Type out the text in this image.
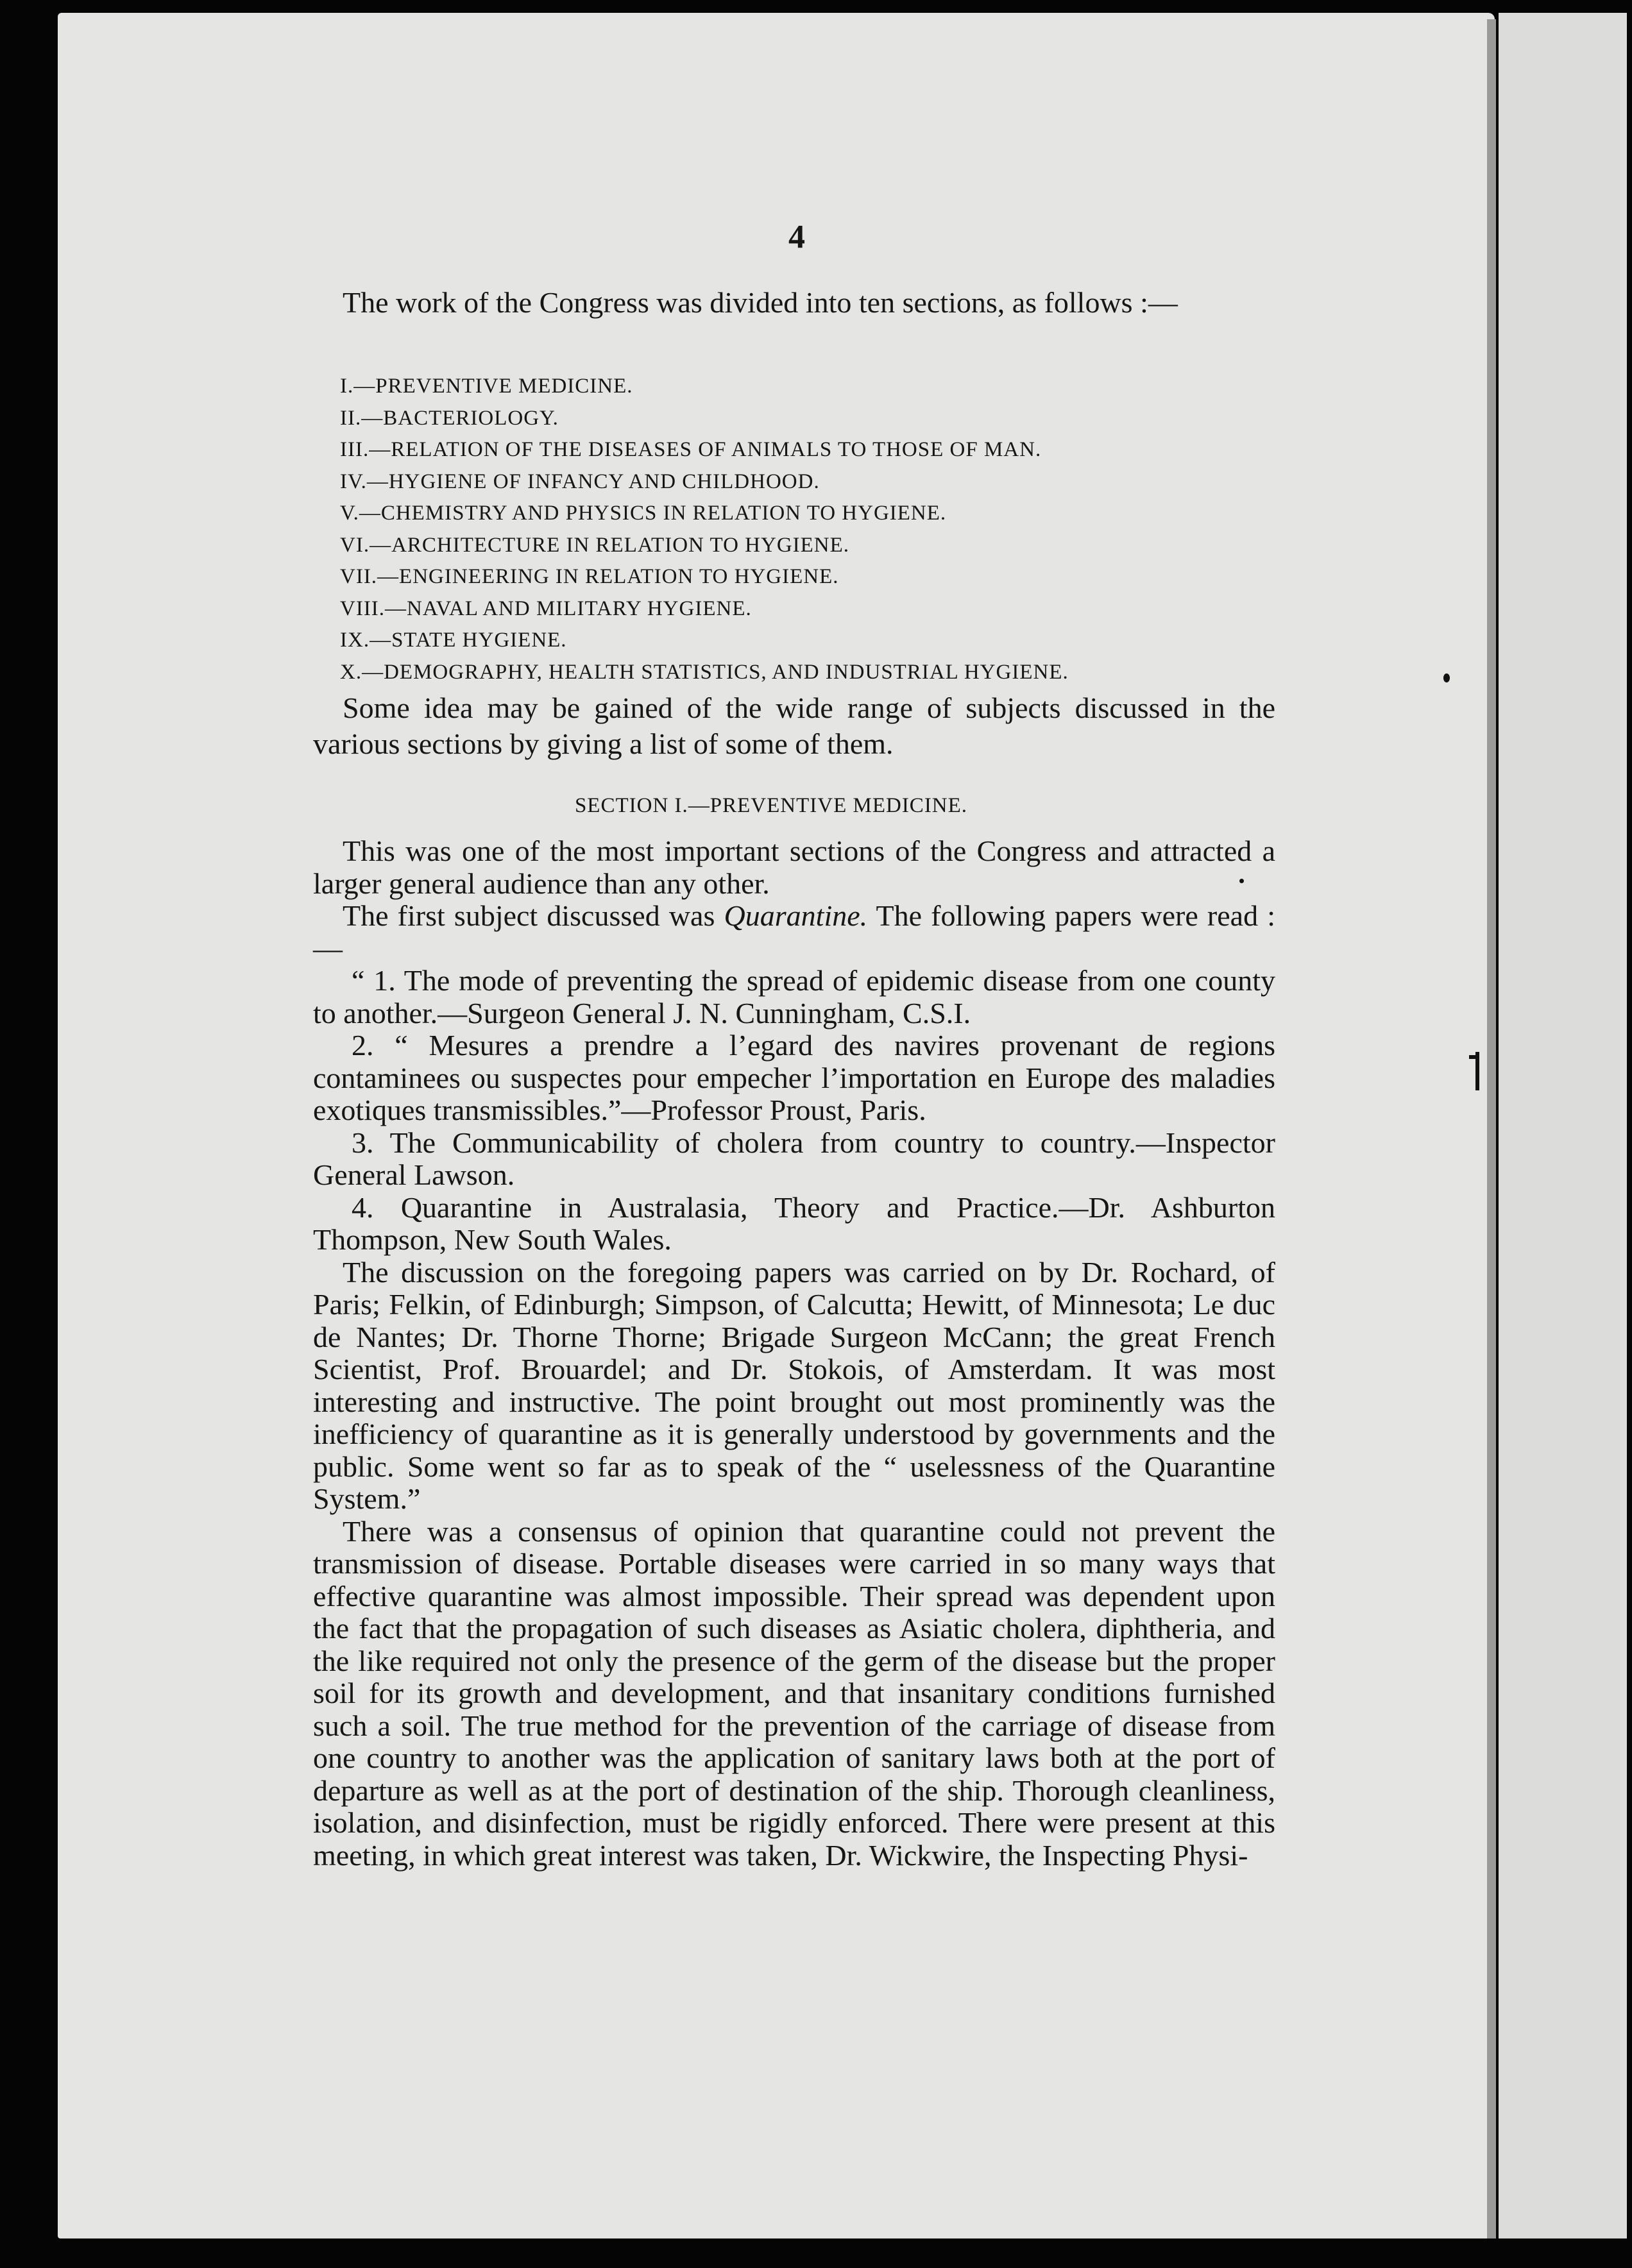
4
The work of the Congress was divided into ten sections, as follows :—
I.—PREVENTIVE MEDICINE.
II.—BACTERIOLOGY.
III.—RELATION OF THE DISEASES OF ANIMALS TO THOSE OF MAN.
IV.—HYGIENE OF INFANCY AND CHILDHOOD.
V.—CHEMISTRY AND PHYSICS IN RELATION TO HYGIENE.
VI.—ARCHITECTURE IN RELATION TO HYGIENE.
VII.—ENGINEERING IN RELATION TO HYGIENE.
VIII.—NAVAL AND MILITARY HYGIENE.
IX.—STATE HYGIENE.
X.—DEMOGRAPHY, HEALTH STATISTICS, AND INDUSTRIAL HYGIENE.
Some idea may be gained of the wide range of subjects discussed in the various sections by giving a list of some of them.
SECTION I.—PREVENTIVE MEDICINE.

This was one of the most important sections of the Congress and attracted a larger general audience than any other.

The first subject discussed was Quarantine. The following papers were read :—

“ 1. The mode of preventing the spread of epidemic disease from one county to another.—Surgeon General J. N. Cunningham, C.S.I.

2. “ Mesures a prendre a l’egard des navires provenant de regions contaminees ou suspectes pour empecher l’importation en Europe des maladies exotiques transmissibles.”—Professor Proust, Paris.

3. The Communicability of cholera from country to country.—Inspector General Lawson.

4. Quarantine in Australasia, Theory and Practice.—Dr. Ashburton Thompson, New South Wales.

The discussion on the foregoing papers was carried on by Dr. Rochard, of Paris; Felkin, of Edinburgh; Simpson, of Calcutta; Hewitt, of Minnesota; Le duc de Nantes; Dr. Thorne Thorne; Brigade Surgeon McCann; the great French Scientist, Prof. Brouardel; and Dr. Stokois, of Amsterdam. It was most interesting and instructive. The point brought out most prominently was the inefficiency of quarantine as it is generally understood by governments and the public. Some went so far as to speak of the “ uselessness of the Quarantine System.”

There was a consensus of opinion that quarantine could not prevent the transmission of disease. Portable diseases were carried in so many ways that effective quarantine was almost impossible. Their spread was dependent upon the fact that the propagation of such diseases as Asiatic cholera, diphtheria, and the like required not only the presence of the germ of the disease but the proper soil for its growth and development, and that insanitary conditions furnished such a soil. The true method for the prevention of the carriage of disease from one country to another was the application of sanitary laws both at the port of departure as well as at the port of destination of the ship. Thorough cleanliness, isolation, and disinfection, must be rigidly enforced. There were present at this meeting, in which great interest was taken, Dr. Wickwire, the Inspecting Physi-
